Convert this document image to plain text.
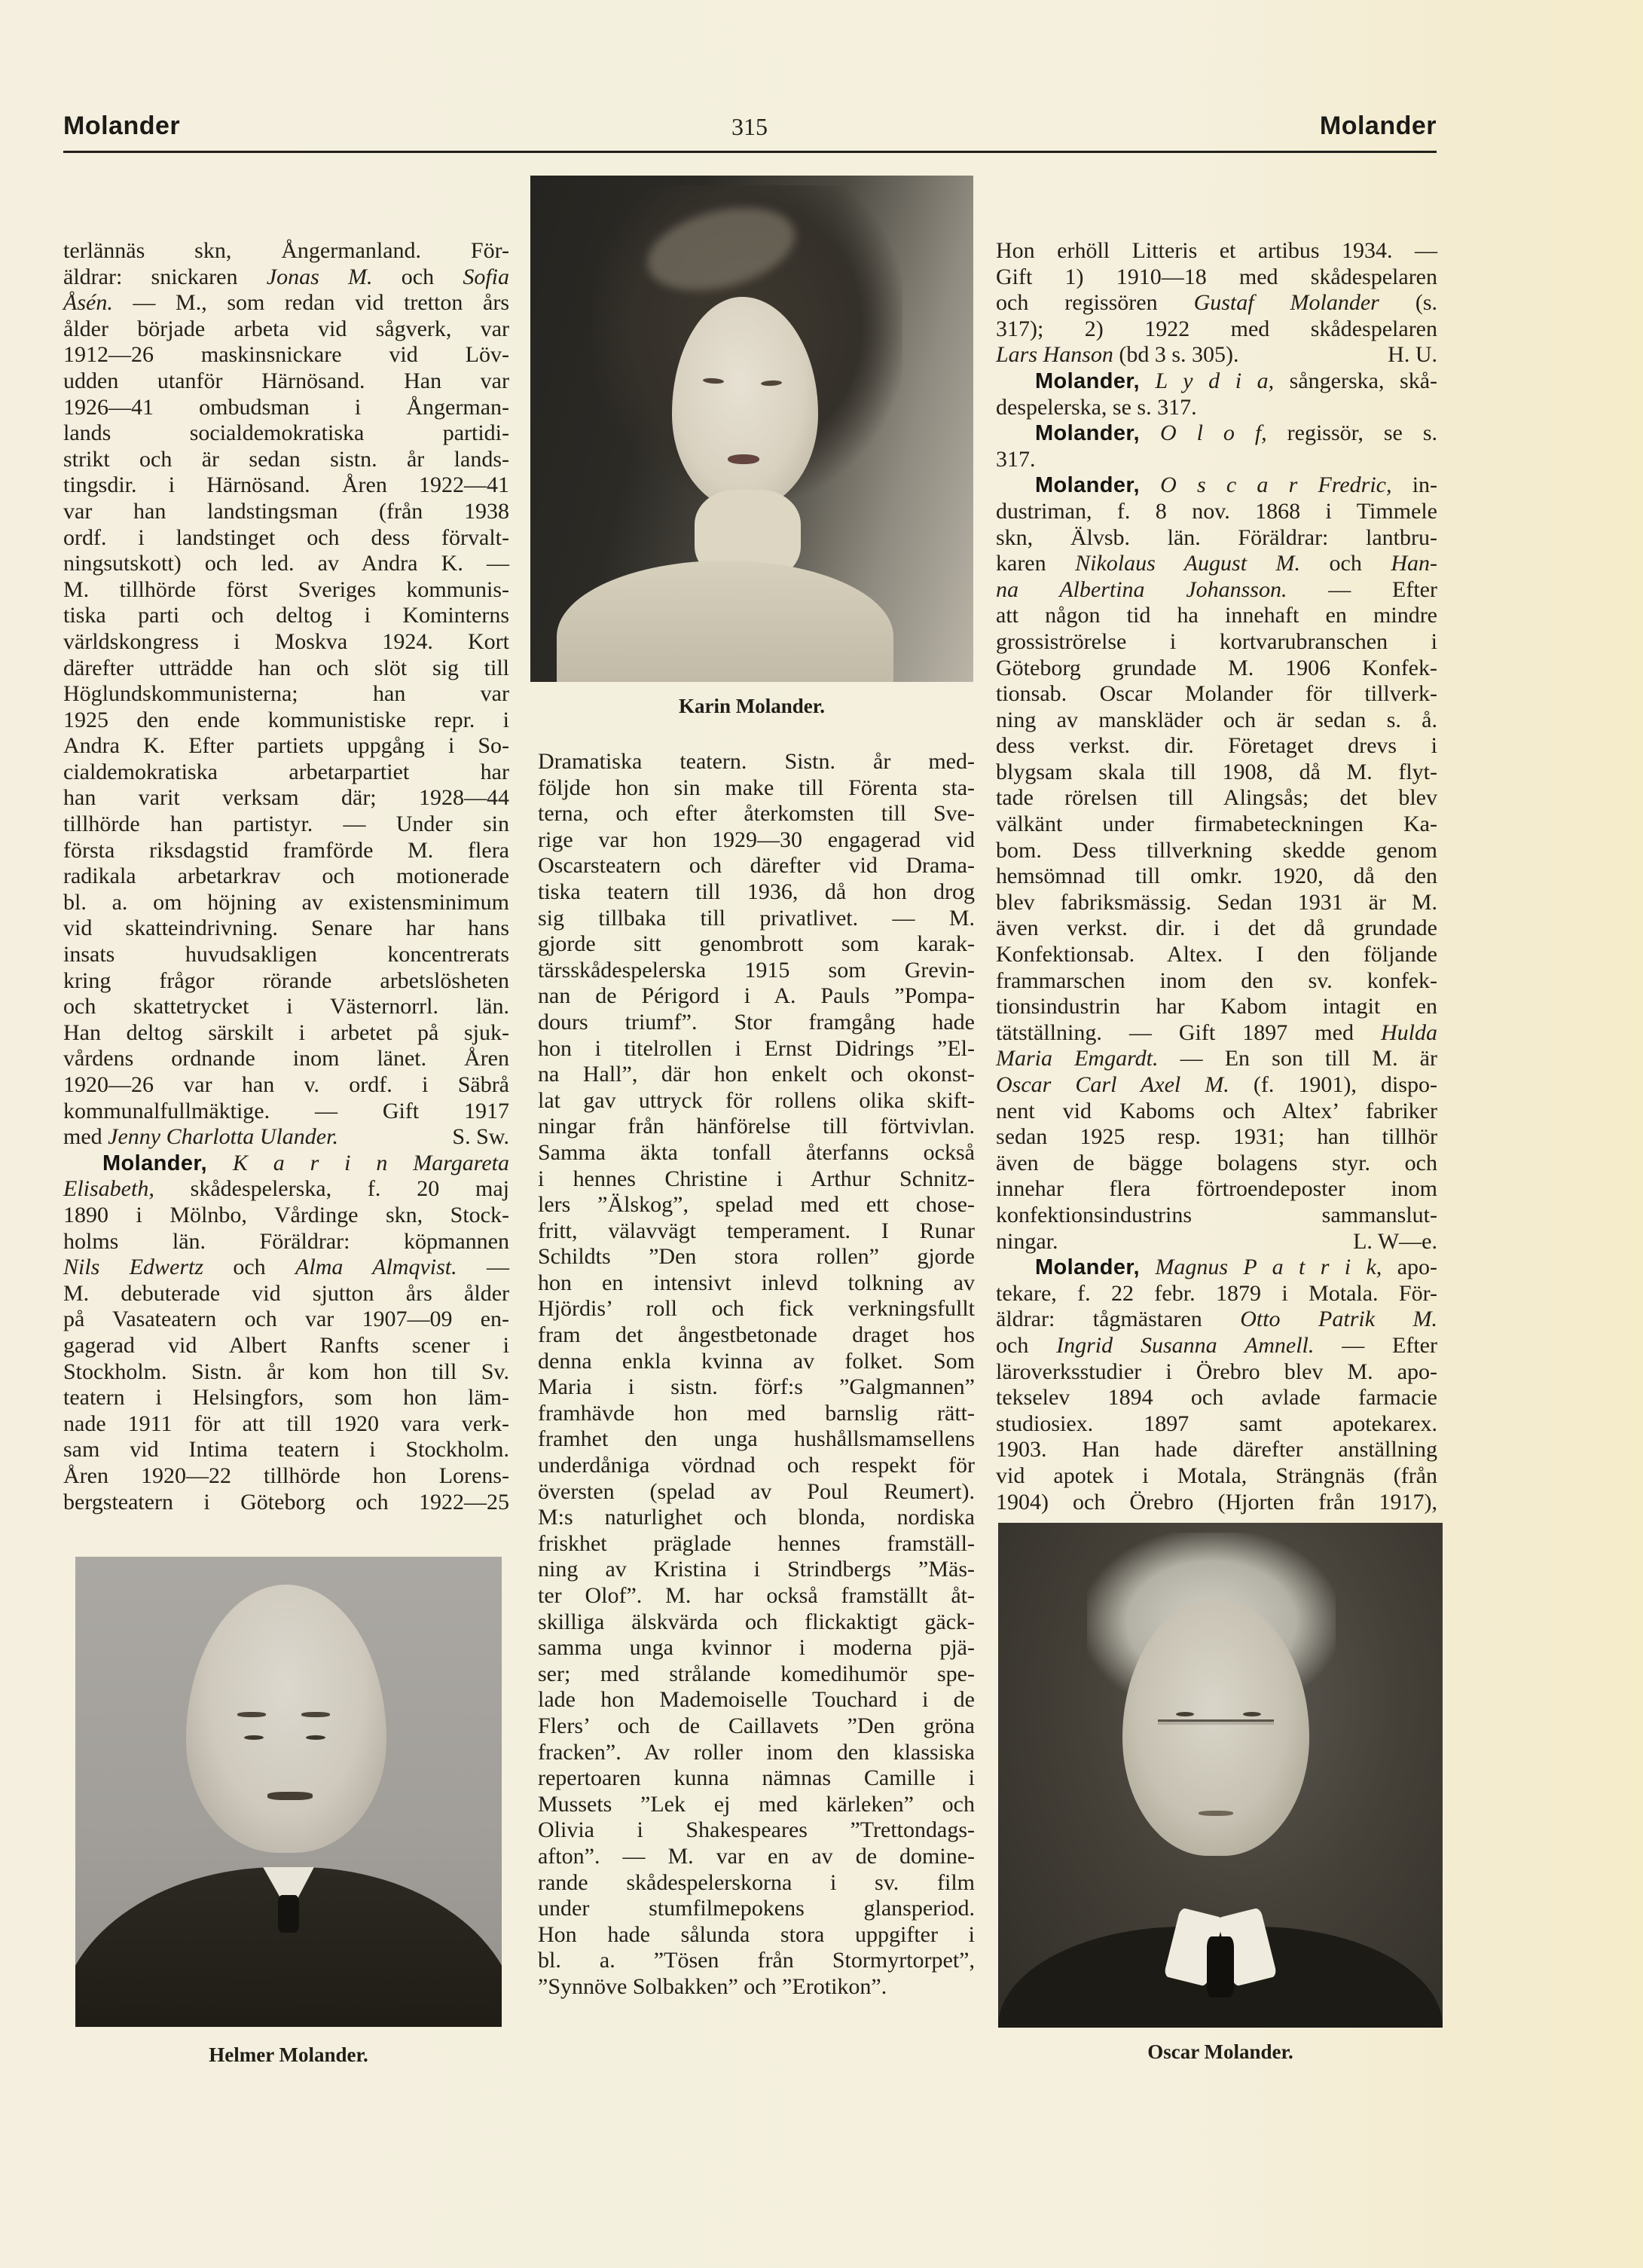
Molander	315	Molander
terlännäs skn, Ångermanland. För-
äldrar: snickaren Jonas M. och Sofia
Åsén. — M., som redan vid tretton års
ålder började arbeta vid sågverk, var
1912—26 maskinsnickare vid Löv-
udden utanför Härnösand. Han var
1926—41 ombudsman i Ångerman-
lands socialdemokratiska partidi-
strikt och är sedan sistn. år lands-
tingsdir. i Härnösand. Åren 1922—41
var han landstingsman (från 1938
ordf. i landstinget och dess förvalt-
ningsutskott) och led. av Andra K. —
M. tillhörde först Sveriges kommunis-
tiska parti och deltog i Kominterns
världskongress i Moskva 1924. Kort
därefter utträdde han och slöt sig till
Höglundskommunisterna; han var
1925 den ende kommunistiske repr. i
Andra K. Efter partiets uppgång i So-
cialdemokratiska arbetarpartiet har
han varit verksam där; 1928—44
tillhörde han partistyr. — Under sin
första riksdagstid framförde M. flera
radikala arbetarkrav och motionerade
bl. a. om höjning av existensminimum
vid skatteindrivning. Senare har hans
insats huvudsakligen koncentrerats
kring frågor rörande arbetslösheten
och skattetrycket i Västernorrl. län.
Han deltog särskilt i arbetet på sjuk-
vårdens ordnande inom länet. Åren
1920—26 var han v. ordf. i Säbrå
kommunalfullmäktige. — Gift 1917
med Jenny Charlotta Ulander.	S. Sw.
Molander, K a r i n Margareta
Elisabeth, skådespelerska, f. 20 maj
1890 i Mölnbo, Vårdinge skn, Stock-
holms län. Föräldrar: köpmannen
Nils Edwertz och Alma Almqvist. —
M. debuterade vid sjutton års ålder
på Vasateatern och var 1907—09 en-
gagerad vid Albert Ranfts scener i
Stockholm. Sistn. år kom hon till Sv.
teatern i Helsingfors, som hon läm-
nade 1911 för att till 1920 vara verk-
sam vid Intima teatern i Stockholm.
Åren 1920—22 tillhörde hon Lorens-
bergsteatern i Göteborg och 1922—25
Karin Molander.
Dramatiska teatern. Sistn. år med-
följde hon sin make till Förenta sta-
terna, och efter återkomsten till Sve-
rige var hon 1929—30 engagerad vid
Oscarsteatern och därefter vid Drama-
tiska teatern till 1936, då hon drog
sig tillbaka till privatlivet. — M.
gjorde sitt genombrott som karak-
tärsskådespelerska 1915 som Grevin-
nan de Périgord i A. Pauls ”Pompa-
dours triumf”. Stor framgång hade
hon i titelrollen i Ernst Didrings ”El-
na Hall”, där hon enkelt och okonst-
lat gav uttryck för rollens olika skift-
ningar från hänförelse till förtvivlan.
Samma äkta tonfall återfanns också
i hennes Christine i Arthur Schnitz-
lers ”Älskog”, spelad med ett chose-
fritt, välavvägt temperament. I Runar
Schildts ”Den stora rollen” gjorde
hon en intensivt inlevd tolkning av
Hjördis’ roll och fick verkningsfullt
fram det ångestbetonade draget hos
denna enkla kvinna av folket. Som
Maria i sistn. förf:s ”Galgmannen”
framhävde hon med barnslig rätt-
framhet den unga hushållsmamsellens
underdåniga vördnad och respekt för
översten (spelad av Poul Reumert).
M:s naturlighet och blonda, nordiska
friskhet präglade hennes framställ-
ning av Kristina i Strindbergs ”Mäs-
ter Olof”. M. har också framställt åt-
skilliga älskvärda och flickaktigt gäck-
samma unga kvinnor i moderna pjä-
ser; med strålande komedihumör spe-
lade hon Mademoiselle Touchard i de
Flers’ och de Caillavets ”Den gröna
fracken”. Av roller inom den klassiska
repertoaren kunna nämnas Camille i
Mussets ”Lek ej med kärleken” och
Olivia i Shakespeares ”Trettondags-
afton”. — M. var en av de domine-
rande skådespelerskorna i sv. film
under stumfilmepokens glansperiod.
Hon hade sålunda stora uppgifter i
bl. a. ”Tösen från Stormyrtorpet”,
”Synnöve Solbakken” och ”Erotikon”.
Hon erhöll Litteris et artibus 1934. —
Gift 1) 1910—18 med skådespelaren
och regissören Gustaf Molander (s.
317); 2) 1922 med skådespelaren
Lars Hanson (bd 3 s. 305).	H. U.
Molander, L y d i a, sångerska, skå-
despelerska, se s. 317.
Molander, O l o f, regissör, se s.
317.
Molander, O s c a r Fredric, in-
dustriman, f. 8 nov. 1868 i Timmele
skn, Älvsb. län. Föräldrar: lantbru-
karen Nikolaus August M. och Han-
na Albertina Johansson. — Efter
att någon tid ha innehaft en mindre
grossiströrelse i kortvarubranschen i
Göteborg grundade M. 1906 Konfek-
tionsab. Oscar Molander för tillverk-
ning av manskläder och är sedan s. å.
dess verkst. dir. Företaget drevs i
blygsam skala till 1908, då M. flyt-
tade rörelsen till Alingsås; det blev
välkänt under firmabeteckningen Ka-
bom. Dess tillverkning skedde genom
hemsömnad till omkr. 1920, då den
blev fabriksmässig. Sedan 1931 är M.
även verkst. dir. i det då grundade
Konfektionsab. Altex. I den följande
frammarschen inom den sv. konfek-
tionsindustrin har Kabom intagit en
tätställning. — Gift 1897 med Hulda
Maria Emgardt. — En son till M. är
Oscar Carl Axel M. (f. 1901), dispo-
nent vid Kaboms och Altex’ fabriker
sedan 1925 resp. 1931; han tillhör
även de bägge bolagens styr. och
innehar flera förtroendeposter inom
konfektionsindustrins sammanslut-
ningar.	L. W—e.
Molander, Magnus P a t r i k, apo-
tekare, f. 22 febr. 1879 i Motala. För-
äldrar: tågmästaren Otto Patrik M.
och Ingrid Susanna Amnell. — Efter
läroverksstudier i Örebro blev M. apo-
tekselev 1894 och avlade farmacie
studiosiex. 1897 samt apotekarex.
1903. Han hade därefter anställning
vid apotek i Motala, Strängnäs (från
1904) och Örebro (Hjorten från 1917),
Helmer Molander.	Oscar Molander.
